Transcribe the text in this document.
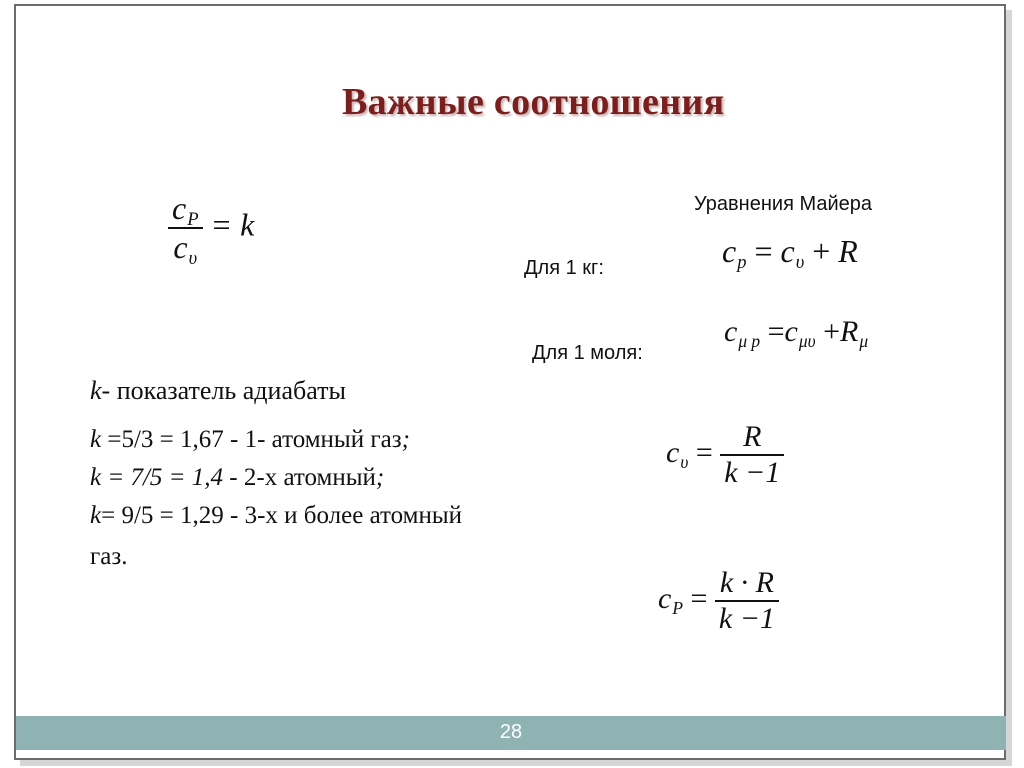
Важные соотношения
$\frac{c_P}{c_\upsilon} = k$
Уравнения Майера
Для 1 кг:	$c_p = c_\upsilon + R$
Для 1 моля:
$c_{\mu p} =c_{\mu\upsilon} +R_\mu$
k- показатель адиабаты
k =5/3 = 1,67 - 1- атомный газ;
k = 7/5 = 1,4 - 2-х атомный;
k= 9/5 = 1,29 - 3-х и более атомный
газ.
$c_\upsilon = \frac{R}{k -1}$
$c_P = \frac{k \cdot R}{k -1}$
28
